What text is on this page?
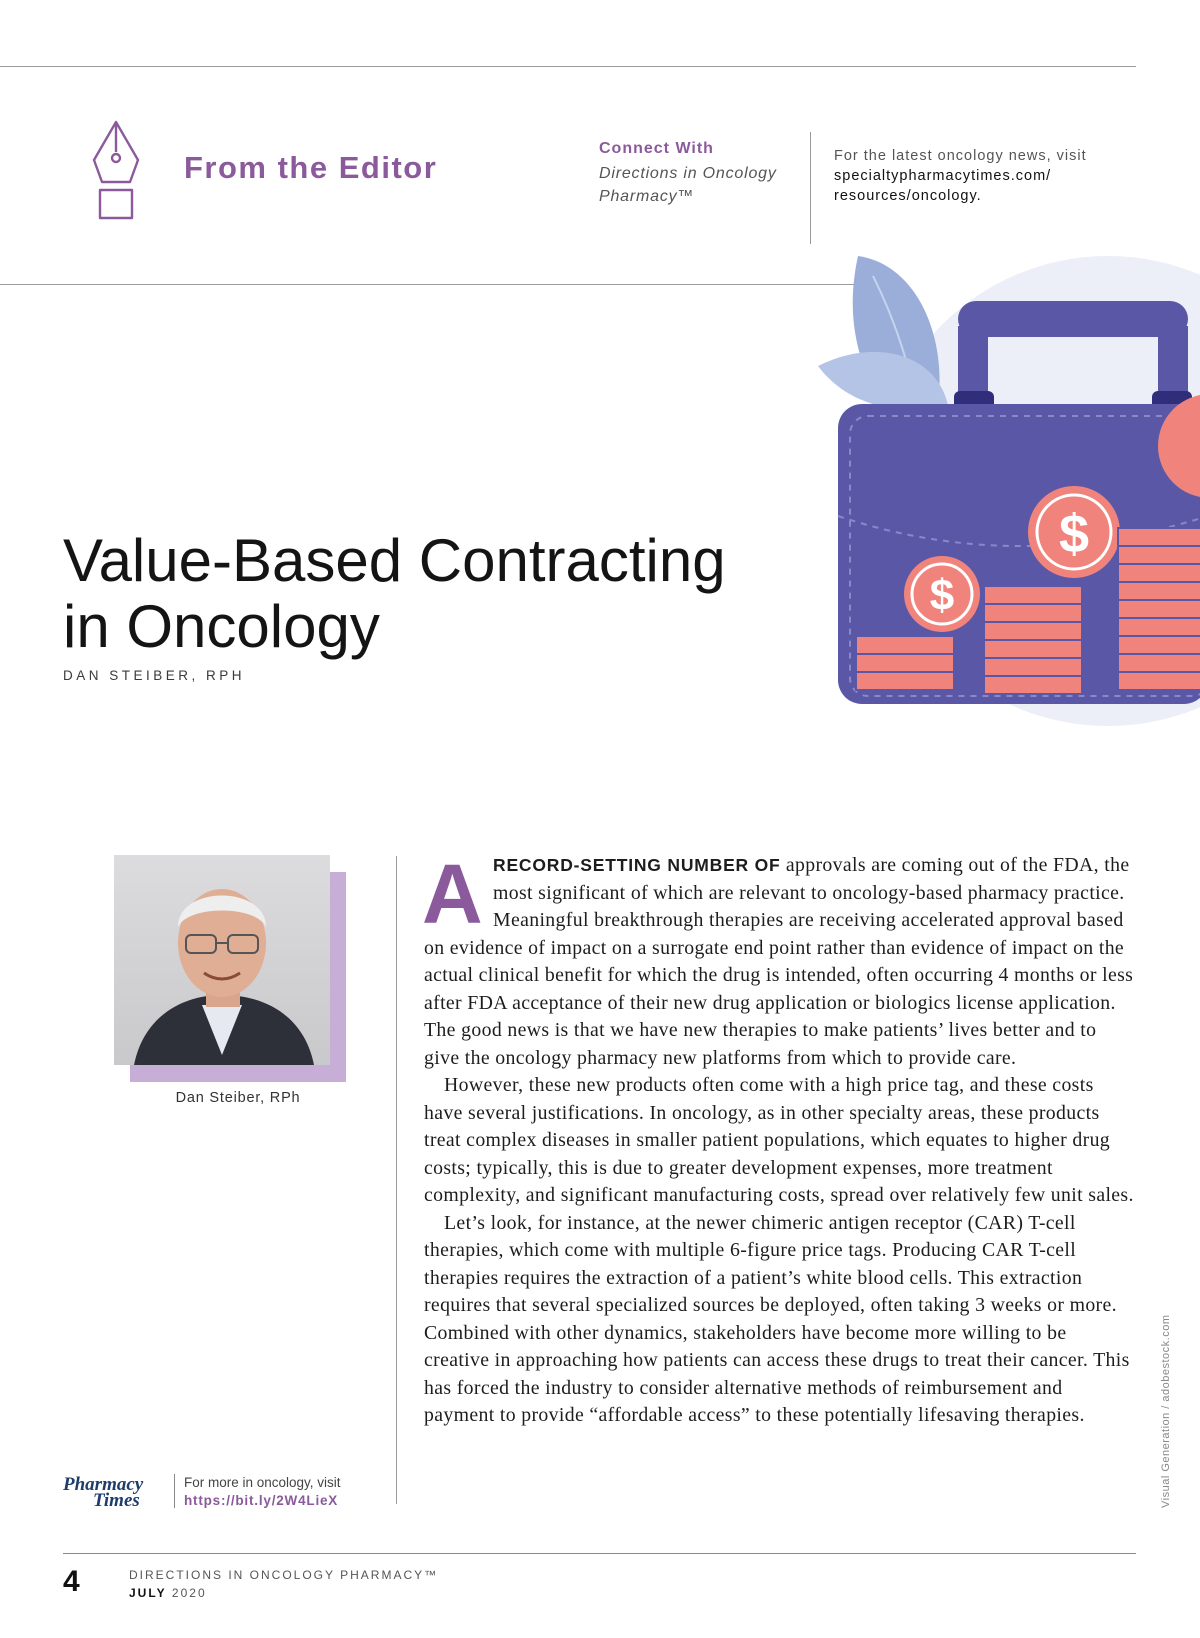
From the Editor
Connect With
Directions in Oncology
Pharmacy™
For the latest oncology news, visit
specialtypharmacytimes.com/
resources/oncology.
$
$
Value-Based Contracting
in Oncology
DAN STEIBER, RPH
Dan Steiber, RPh

ARECORD-SETTING NUMBER OF approvals are coming out of the FDA, the most significant of which are relevant to oncology-based pharmacy practice. Meaningful breakthrough therapies are receiving accelerated approval based on evidence of impact on a surrogate end point rather than evidence of impact on the actual clinical benefit for which the drug is intended, often occurring 4 months or less after FDA acceptance of their new drug application or biologics license application. The good news is that we have new therapies to make patients’ lives better and to give the oncology pharmacy new platforms from which to provide care.

However, these new products often come with a high price tag, and these costs have several justifications. In oncology, as in other specialty areas, these products treat complex diseases in smaller patient populations, which equates to higher drug costs; typically, this is due to greater development expenses, more treatment complexity, and significant manufacturing costs, spread over relatively few unit sales.

Let’s look, for instance, at the newer chimeric antigen receptor (CAR) T-cell therapies, which come with multiple 6-figure price tags. Producing CAR T-cell therapies requires the extraction of a patient’s white blood cells. This extraction requires that several specialized sources be deployed, often taking 3 weeks or more. Combined with other dynamics, stakeholders have become more willing to be creative in approaching how patients can access these drugs to treat their cancer. This has forced the industry to consider alternative methods of reimbursement and payment to provide “affordable access” to these potentially lifesaving therapies.

Pharmacy
Times
For more in oncology, visit
https://bit.ly/2W4LieX	Visual Generation / adobestock.com
4	DIRECTIONS IN ONCOLOGY PHARMACY™
JULY 2020
